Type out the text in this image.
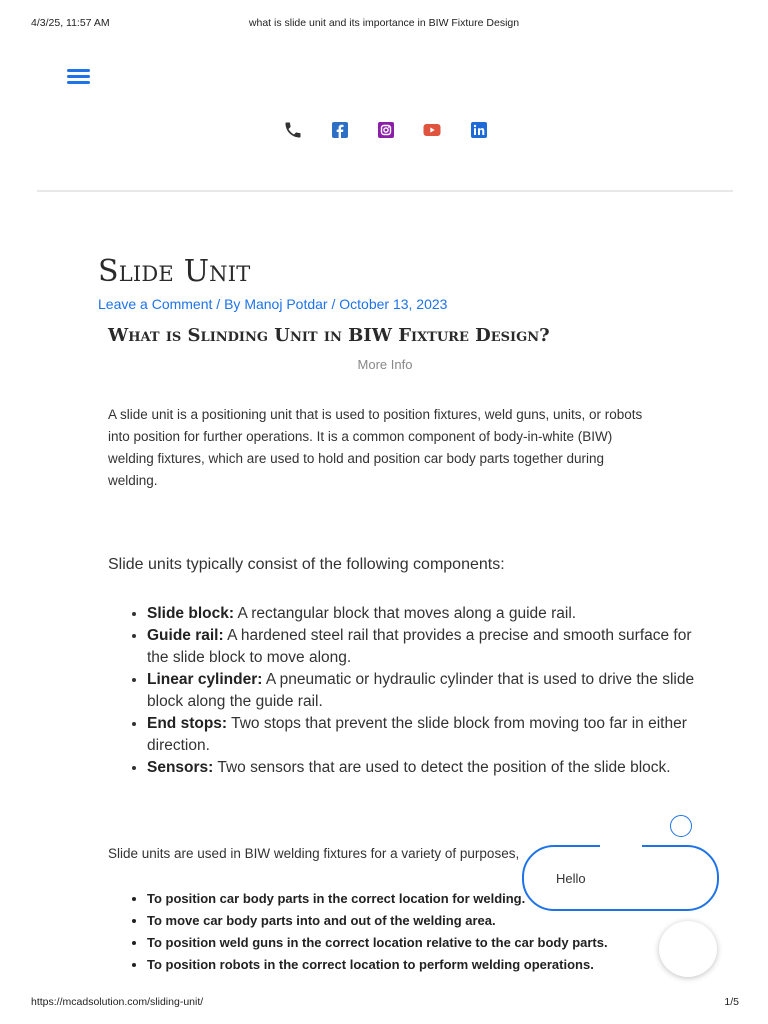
4/3/25, 11:57 AM	what is slide unit and its importance in BIW Fixture Design
Slide Unit
Leave a Comment / By Manoj Potdar / October 13, 2023
What is Slinding Unit in BIW Fixture Design?
More Info

A slide unit is a positioning unit that is used to position fixtures, weld guns, units, or robots into position for further operations. It is a common component of body-in-white (BIW) welding fixtures, which are used to hold and position car body parts together during welding.

Slide units typically consist of the following components:

• Slide block: A rectangular block that moves along a guide rail.
• Guide rail: A hardened steel rail that provides a precise and smooth surface for the slide block to move along.
• Linear cylinder: A pneumatic or hydraulic cylinder that is used to drive the slide block along the guide rail.
• End stops: Two stops that prevent the slide block from moving too far in either direction.
• Sensors: Two sensors that are used to detect the position of the slide block.

Slide units are used in BIW welding fixtures for a variety of purposes,

• To position car body parts in the correct location for welding.
• To move car body parts into and out of the welding area.
• To position weld guns in the correct location relative to the car body parts.
• To position robots in the correct location to perform welding operations.
Hello
https://mcadsolution.com/sliding-unit/	1/5
